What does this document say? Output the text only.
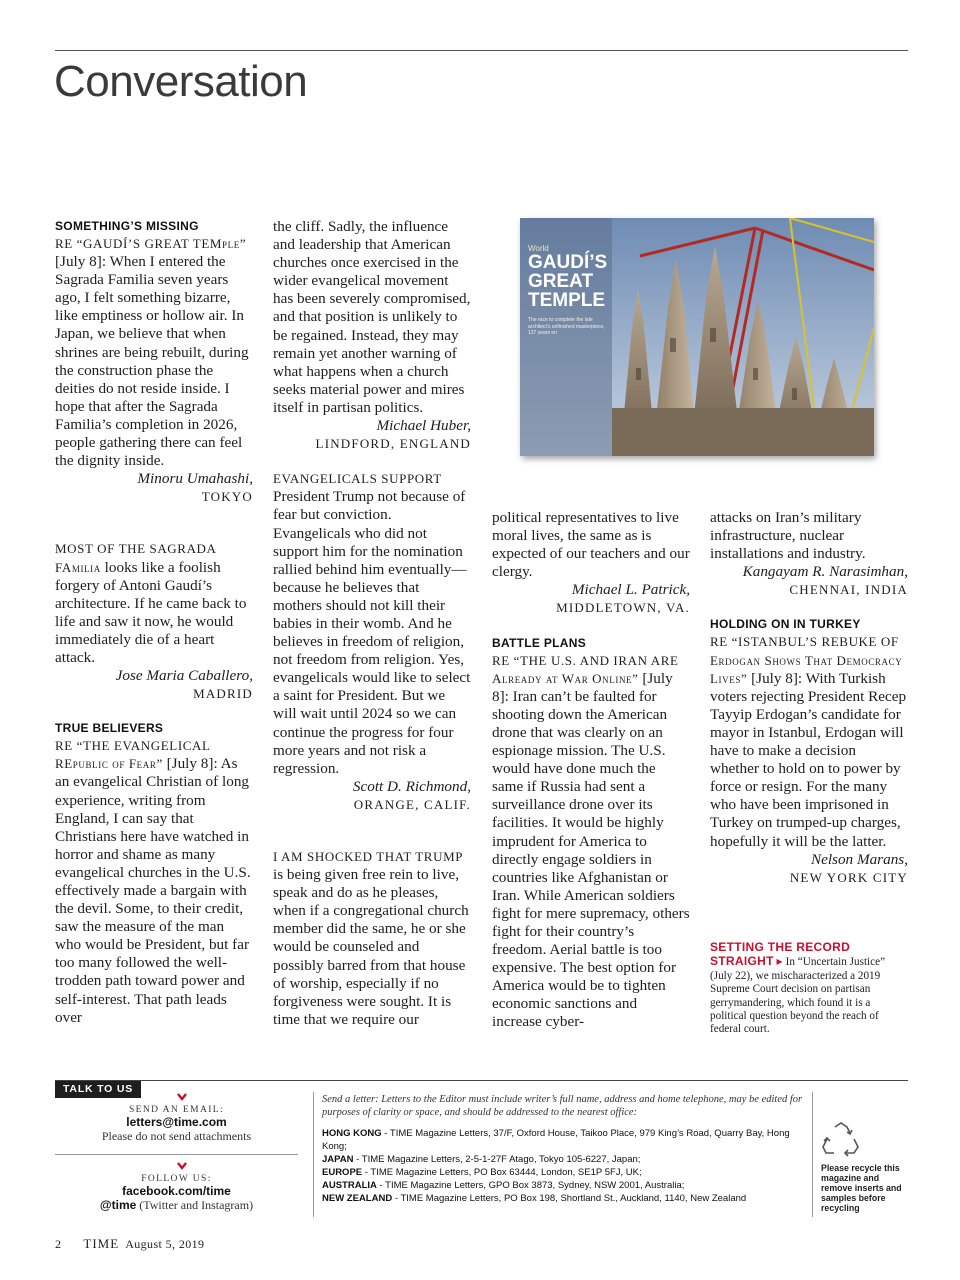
Conversation
SOMETHING’S MISSING

RE “GAUDÍ’S GREAT TEMple” [July 8]: When I entered the Sagrada Familia seven years ago, I felt something bizarre, like emptiness or hollow air. In Japan, we believe that when shrines are being rebuilt, during the construction phase the deities do not reside inside. I hope that after the Sagrada Familia’s completion in 2026, people gathering there can feel the dignity inside.

Minoru Umahashi,
TOKYO

MOST OF THE SAGRADA FAmilia looks like a foolish forgery of Antoni Gaudí’s architecture. If he came back to life and saw it now, he would immediately die of a heart attack.

Jose Maria Caballero,
MADRID
TRUE BELIEVERS

RE “THE EVANGELICAL REpublic of Fear” [July 8]: As an evangelical Christian of long experience, writing from England, I can say that Christians here have watched in horror and shame as many evangelical churches in the U.S. effectively made a bargain with the devil. Some, to their credit, saw the measure of the man who would be President, but far too many followed the well-trodden path toward power and self-interest. That path leads over

the cliff. Sadly, the influence and leadership that American churches once exercised in the wider evangelical movement has been severely compromised, and that position is unlikely to be regained. Instead, they may remain yet another warning of what happens when a church seeks material power and mires itself in partisan politics.

Michael Huber,
LINDFORD, ENGLAND

EVANGELICALS SUPPORT President Trump not because of fear but conviction. Evangelicals who did not support him for the nomination rallied behind him eventually—because he believes that mothers should not kill their babies in their womb. And he believes in freedom of religion, not freedom from religion. Yes, evangelicals would like to select a saint for President. But we will wait until 2024 so we can continue the progress for four more years and not risk a regression.

Scott D. Richmond,
ORANGE, CALIF.

I AM SHOCKED THAT TRUMP is being given free rein to live, speak and do as he pleases, when if a congregational church member did the same, he or she would be counseled and possibly barred from that house of worship, especially if no forgiveness were sought. It is time that we require our

World
GAUDÍ’S
GREAT
TEMPLE
The race to complete the late architect’s unfinished masterpiece, 137 years on

political representatives to live moral lives, the same as is expected of our teachers and our clergy.

Michael L. Patrick,
MIDDLETOWN, VA.
BATTLE PLANS

RE “THE U.S. AND IRAN ARE Already at War Online” [July 8]: Iran can’t be faulted for shooting down the American drone that was clearly on an espionage mission. The U.S. would have done much the same if Russia had sent a surveillance drone over its facilities. It would be highly imprudent for America to directly engage soldiers in countries like Afghanistan or Iran. While American soldiers fight for mere supremacy, others fight for their country’s freedom. Aerial battle is too expensive. The best option for America would be to tighten economic sanctions and increase cyber-

attacks on Iran’s military infrastructure, nuclear installations and industry.

Kangayam R. Narasimhan,
CHENNAI, INDIA
HOLDING ON IN TURKEY

RE “ISTANBUL’S REBUKE OF Erdogan Shows That Democracy Lives” [July 8]: With Turkish voters rejecting President Recep Tayyip Erdogan’s candidate for mayor in Istanbul, Erdogan will have to make a decision whether to hold on to power by force or resign. For the many who have been imprisoned in Turkey on trumped-up charges, hopefully it will be the latter.

Nelson Marans,
NEW YORK CITY
SETTING THE RECORD STRAIGHT ▸ In “Uncertain Justice” (July 22), we mischaracterized a 2019 Supreme Court decision on partisan gerrymandering, which found it is a political question beyond the reach of federal court.
TALK TO US
SEND AN EMAIL:
letters@time.com
Please do not send attachments
FOLLOW US:
facebook.com/time
@time (Twitter and Instagram)
Send a letter: Letters to the Editor must include writer’s full name, address and home telephone, may be edited for purposes of clarity or space, and should be addressed to the nearest office:
HONG KONG - TIME Magazine Letters, 37/F, Oxford House, Taikoo Place, 979 King’s Road, Quarry Bay, Hong Kong;
JAPAN - TIME Magazine Letters, 2-5-1-27F Atago, Tokyo 105-6227, Japan;
EUROPE - TIME Magazine Letters, PO Box 63444, London, SE1P 5FJ, UK;
AUSTRALIA - TIME Magazine Letters, GPO Box 3873, Sydney, NSW 2001, Australia;
NEW ZEALAND - TIME Magazine Letters, PO Box 198, Shortland St., Auckland, 1140, New Zealand
Please recycle this magazine and remove inserts and samples before recycling
2 TIME August 5, 2019
